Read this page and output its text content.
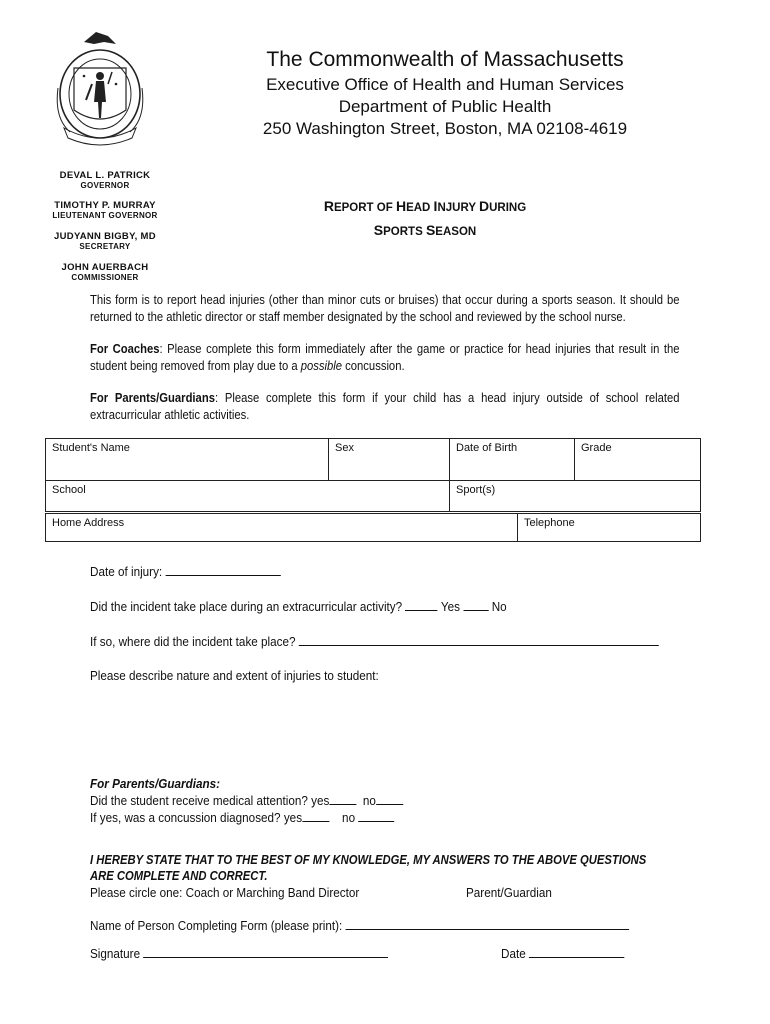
The Commonwealth of Massachusetts
Executive Office of Health and Human Services
Department of Public Health
250 Washington Street, Boston, MA 02108-4619
DEVAL L. PATRICK
GOVERNOR
TIMOTHY P. MURRAY
LIEUTENANT GOVERNOR
JUDYANN BIGBY, MD
SECRETARY
JOHN AUERBACH
COMMISSIONER
REPORT OF HEAD INJURY DURING
SPORTS SEASON
This form is to report head injuries (other than minor cuts or bruises) that occur during a sports season. It should be returned to the athletic director or staff member designated by the school and reviewed by the school nurse.
For Coaches: Please complete this form immediately after the game or practice for head injuries that result in the student being removed from play due to a possible concussion.
For Parents/Guardians: Please complete this form if your child has a head injury outside of school related extracurricular athletic activities.
Student's Name	Sex	Date of Birth	Grade
School		Sport(s)	
Home Address	Telephone
Date of injury:
Did the incident take place during an extracurricular activity?	Yes No
If so, where did the incident take place?
Please describe nature and extent of injuries to student:
For Parents/Guardians:
Did the student receive medical attention? yes	no
If yes, was a concussion diagnosed? yes	no
I HEREBY STATE THAT TO THE BEST OF MY KNOWLEDGE, MY ANSWERS TO THE ABOVE QUESTIONS
ARE COMPLETE AND CORRECT.
Please circle one: Coach or Marching Band Director	Parent/Guardian
Name of Person Completing Form (please print):
Signature	Date
